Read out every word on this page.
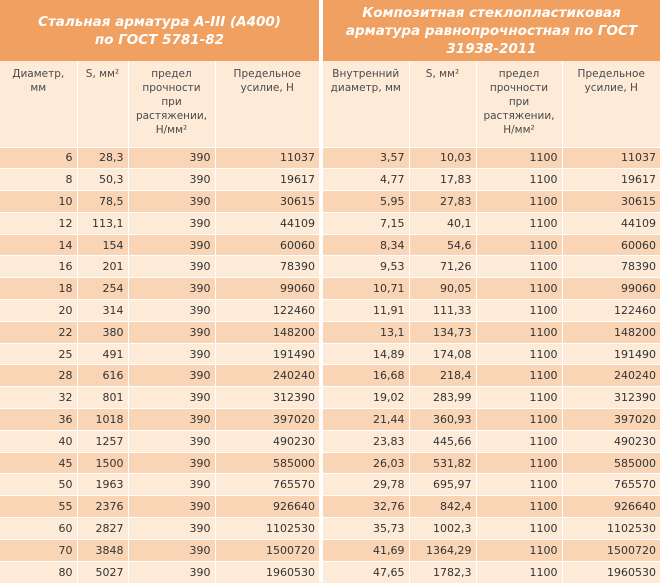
Стальная арматура А-III (А400)
по ГОСТ 5781-82
Композитная стеклопластиковая
арматура равнопрочностная по ГОСТ
31938-2011
Диаметр, мм	S, мм²	предел прочности при растяжении, Н/мм²	Предельное усилие, Н
6	28,3	390	11037
8	50,3	390	19617
10	78,5	390	30615
12	113,1	390	44109
14	154	390	60060
16	201	390	78390
18	254	390	99060
20	314	390	122460
22	380	390	148200
25	491	390	191490
28	616	390	240240
32	801	390	312390
36	1018	390	397020
40	1257	390	490230
45	1500	390	585000
50	1963	390	765570
55	2376	390	926640
60	2827	390	1102530
70	3848	390	1500720
80	5027	390	1960530
Внутренний диаметр, мм	S, мм²	предел прочности при растяжении, Н/мм²	Предельное усилие, Н
3,57	10,03	1100	11037
4,77	17,83	1100	19617
5,95	27,83	1100	30615
7,15	40,1	1100	44109
8,34	54,6	1100	60060
9,53	71,26	1100	78390
10,71	90,05	1100	99060
11,91	111,33	1100	122460
13,1	134,73	1100	148200
14,89	174,08	1100	191490
16,68	218,4	1100	240240
19,02	283,99	1100	312390
21,44	360,93	1100	397020
23,83	445,66	1100	490230
26,03	531,82	1100	585000
29,78	695,97	1100	765570
32,76	842,4	1100	926640
35,73	1002,3	1100	1102530
41,69	1364,29	1100	1500720
47,65	1782,3	1100	1960530
